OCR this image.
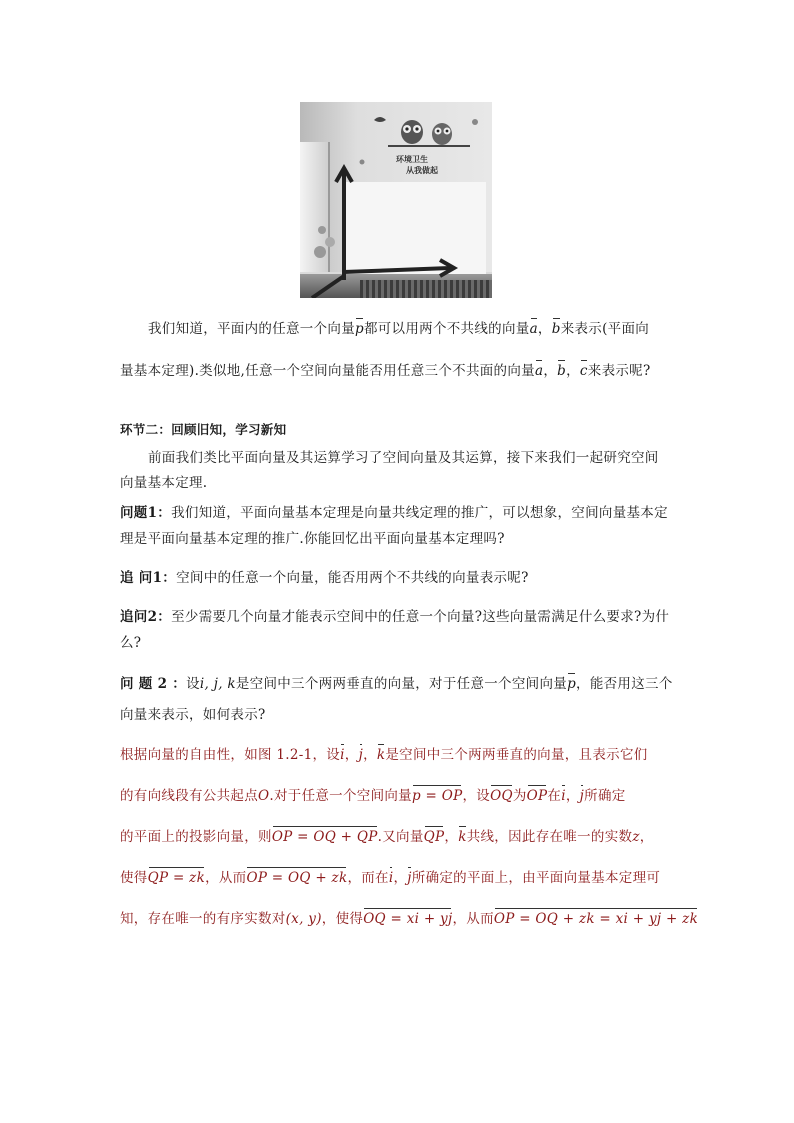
环境卫生
从我做起
我们知道，平面内的任意一个向量p都可以用两个不共线的向量a，b来表示(平面向
量基本定理).类似地,任意一个空间向量能否用任意三个不共面的向量a，b，c来表示呢?
环节二：回顾旧知，学习新知
前面我们类比平面向量及其运算学习了空间向量及其运算，接下来我们一起研究空间
向量基本定理.
问题1：我们知道，平面向量基本定理是向量共线定理的推广，可以想象，空间向量基本定
理是平面向量基本定理的推广.你能回忆出平面向量基本定理吗?
追 问1：空间中的任意一个向量，能否用两个不共线的向量表示呢?
追问2：至少需要几个向量才能表示空间中的任意一个向量?这些向量需满足什么要求?为什
么?
问 题 2 ：设i, j, k是空间中三个两两垂直的向量，对于任意一个空间向量p，能否用这三个
向量来表示，如何表示?
根据向量的自由性，如图 1.2-1，设i，j，k是空间中三个两两垂直的向量，且表示它们
的有向线段有公共起点O.对于任意一个空间向量p = OP，设OQ为OP在i，j所确定
的平面上的投影向量，则OP = OQ + QP.又向量QP，k共线，因此存在唯一的实数z，
使得QP = zk，从而OP = OQ + zk，而在i，j所确定的平面上，由平面向量基本定理可
知，存在唯一的有序实数对(x, y)，使得OQ = xi + yj，从而OP = OQ + zk = xi + yj + zk
